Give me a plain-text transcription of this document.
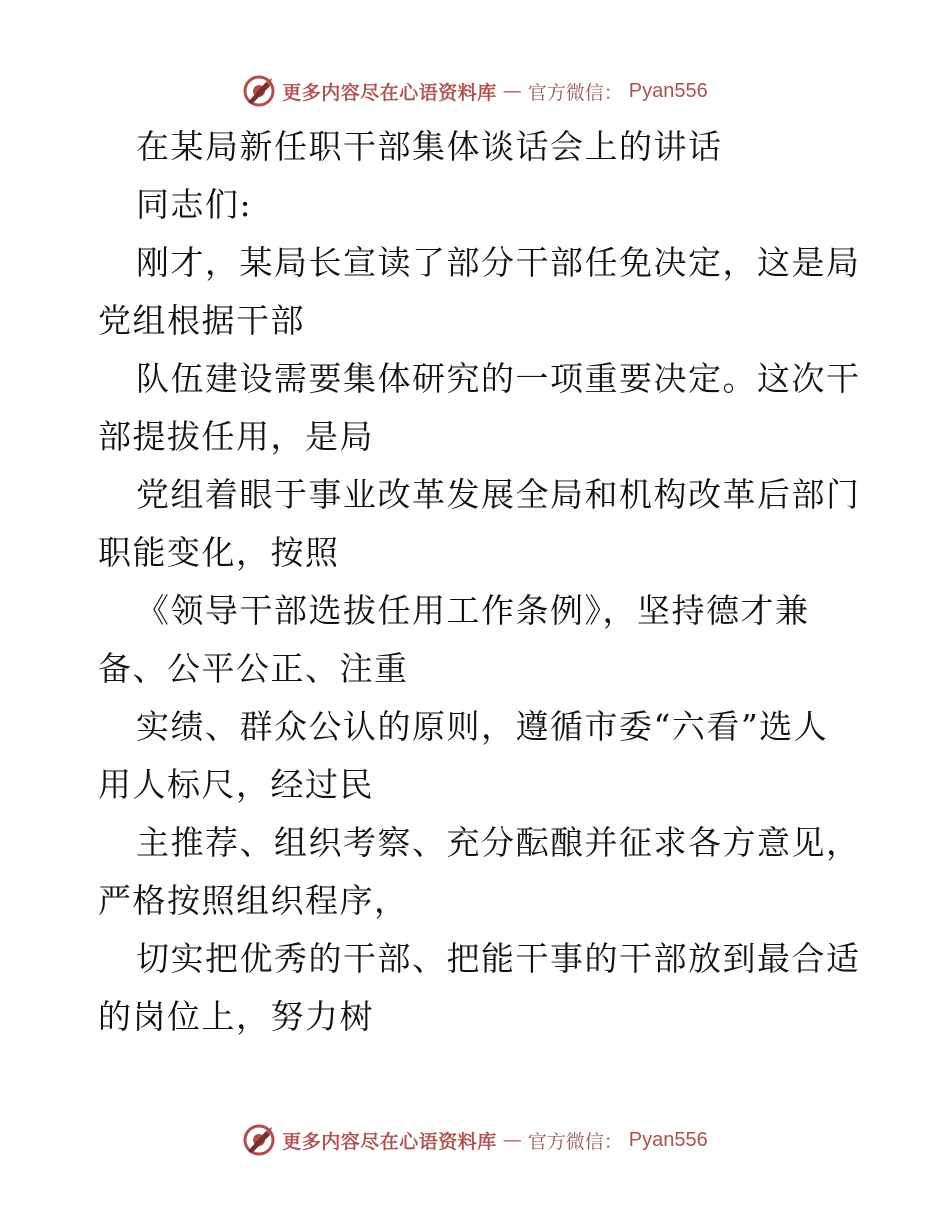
更多内容尽在心语资料库 — 官方微信： Pyan556
在某局新任职干部集体谈话会上的讲话
同志们:
刚才，某局长宣读了部分干部任免决定，这是局
党组根据干部
队伍建设需要集体研究的一项重要决定。这次干
部提拔任用，是局
党组着眼于事业改革发展全局和机构改革后部门
职能变化，按照
《领导干部选拔任用工作条例》，坚持德才兼
备、公平公正、注重
实绩、群众公认的原则，遵循市委“六看”选人
用人标尺，经过民
主推荐、组织考察、充分酝酿并征求各方意见，
严格按照组织程序，
切实把优秀的干部、把能干事的干部放到最合适
的岗位上，努力树
更多内容尽在心语资料库 — 官方微信： Pyan556
